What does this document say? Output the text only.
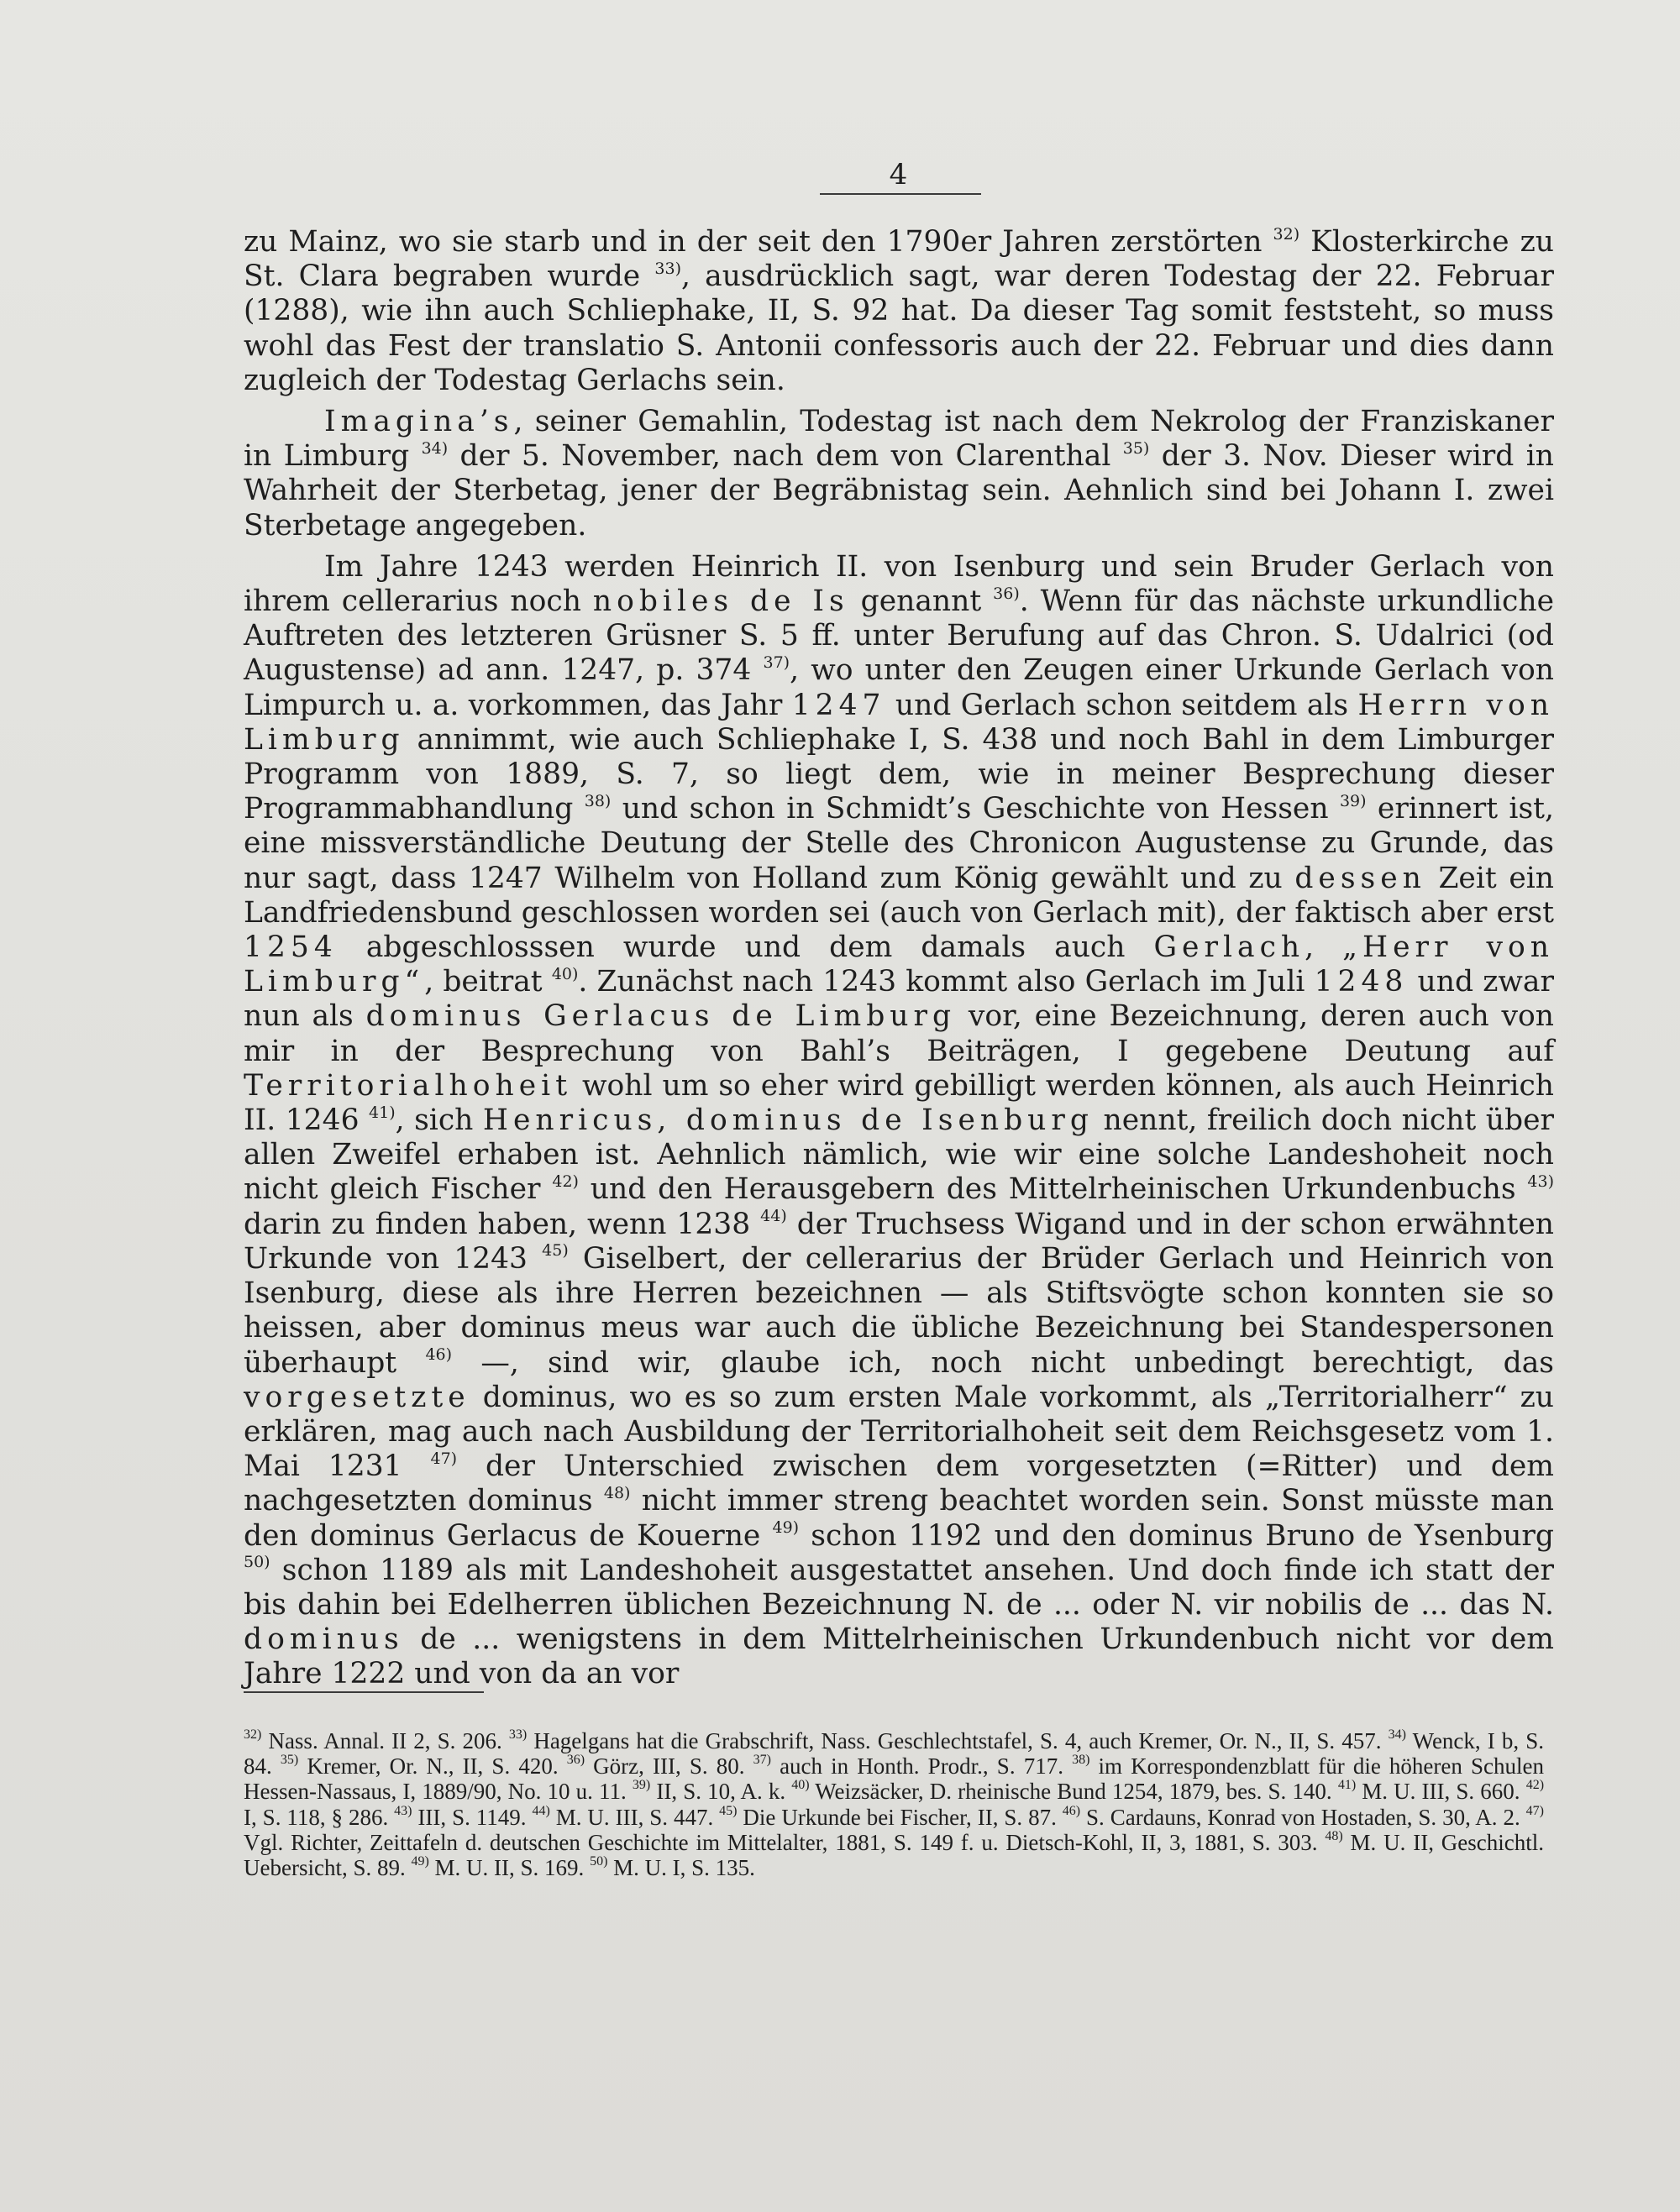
4

zu Mainz, wo sie starb und in der seit den 1790er Jahren zerstörten $^{32)}$ Klosterkirche zu St. Clara begraben wurde $^{33)}$, ausdrücklich sagt, war deren Todestag der 22. Februar (1288), wie ihn auch Schliephake, II, S. 92 hat. Da dieser Tag somit feststeht, so muss wohl das Fest der translatio S. Antonii confessoris auch der 22. Februar und dies dann zugleich der Todestag Gerlachs sein.

Imagina’s, seiner Gemahlin, Todestag ist nach dem Nekrolog der Franziskaner in Limburg $^{34)}$ der 5. November, nach dem von Clarenthal $^{35)}$ der 3. Nov. Dieser wird in Wahrheit der Sterbetag, jener der Begräbnistag sein. Aehnlich sind bei Johann I. zwei Sterbetage angegeben.

Im Jahre 1243 werden Heinrich II. von Isenburg und sein Bruder Gerlach von ihrem cellerarius noch nobiles de Is genannt $^{36)}$. Wenn für das nächste urkundliche Auftreten des letzteren Grüsner S. 5 ff. unter Berufung auf das Chron. S. Udalrici (od Augustense) ad ann. 1247, p. 374 $^{37)}$, wo unter den Zeugen einer Urkunde Gerlach von Limpurch u. a. vorkommen, das Jahr 1247 und Gerlach schon seitdem als Herrn von Limburg annimmt, wie auch Schliephake I, S. 438 und noch Bahl in dem Limburger Programm von 1889, S. 7, so liegt dem, wie in meiner Besprechung dieser Programmabhandlung $^{38)}$ und schon in Schmidt’s Geschichte von Hessen $^{39)}$ erinnert ist, eine missverständliche Deutung der Stelle des Chronicon Augustense zu Grunde, das nur sagt, dass 1247 Wilhelm von Holland zum König gewählt und zu dessen Zeit ein Landfriedensbund geschlossen worden sei (auch von Gerlach mit), der faktisch aber erst 1254 abgeschlosssen wurde und dem damals auch Gerlach, „Herr von Limburg“, beitrat $^{40)}$. Zunächst nach 1243 kommt also Gerlach im Juli 1248 und zwar nun als dominus Gerlacus de Limburg vor, eine Bezeichnung, deren auch von mir in der Besprechung von Bahl’s Beiträgen, I gegebene Deutung auf Territorialhoheit wohl um so eher wird gebilligt werden können, als auch Heinrich II. 1246 $^{41)}$, sich Henricus, dominus de Isenburg nennt, freilich doch nicht über allen Zweifel erhaben ist. Aehnlich nämlich, wie wir eine solche Landeshoheit noch nicht gleich Fischer $^{42)}$ und den Herausgebern des Mittelrheinischen Urkundenbuchs $^{43)}$ darin zu finden haben, wenn 1238 $^{44)}$ der Truchsess Wigand und in der schon erwähnten Urkunde von 1243 $^{45)}$ Giselbert, der cellerarius der Brüder Gerlach und Heinrich von Isenburg, diese als ihre Herren bezeichnen — als Stiftsvögte schon konnten sie so heissen, aber dominus meus war auch die übliche Bezeichnung bei Standespersonen überhaupt $^{46)}$ —, sind wir, glaube ich, noch nicht unbedingt berechtigt, das vorgesetzte dominus, wo es so zum ersten Male vorkommt, als „Territorialherr“ zu erklären, mag auch nach Ausbildung der Territorialhoheit seit dem Reichsgesetz vom 1. Mai 1231 $^{47)}$ der Unterschied zwischen dem vorgesetzten (=Ritter) und dem nachgesetzten dominus $^{48)}$ nicht immer streng beachtet worden sein. Sonst müsste man den dominus Gerlacus de Kouerne $^{49)}$ schon 1192 und den dominus Bruno de Ysenburg $^{50)}$ schon 1189 als mit Landeshoheit ausgestattet ansehen. Und doch finde ich statt der bis dahin bei Edelherren üblichen Bezeichnung N. de ... oder N. vir nobilis de ... das N. dominus de ... wenigstens in dem Mittelrheinischen Urkundenbuch nicht vor dem Jahre 1222 und von da an vor

$^{32)}$ Nass. Annal. II 2, S. 206. $^{33)}$ Hagelgans hat die Grabschrift, Nass. Geschlechtstafel, S. 4, auch Kremer, Or. N., II, S. 457. $^{34)}$ Wenck, I b, S. 84. $^{35)}$ Kremer, Or. N., II, S. 420. $^{36)}$ Görz, III, S. 80. $^{37)}$ auch in Honth. Prodr., S. 717. $^{38)}$ im Korrespondenzblatt für die höheren Schulen Hessen-Nassaus, I, 1889/90, No. 10 u. 11. $^{39)}$ II, S. 10, A. k. $^{40)}$ Weizsäcker, D. rheinische Bund 1254, 1879, bes. S. 140. $^{41)}$ M. U. III, S. 660. $^{42)}$ I, S. 118, § 286. $^{43)}$ III, S. 1149. $^{44)}$ M. U. III, S. 447. $^{45)}$ Die Urkunde bei Fischer, II, S. 87. $^{46)}$ S. Cardauns, Konrad von Hostaden, S. 30, A. 2. $^{47)}$ Vgl. Richter, Zeittafeln d. deutschen Geschichte im Mittelalter, 1881, S. 149 f. u. Dietsch-Kohl, II, 3, 1881, S. 303. $^{48)}$ M. U. II, Geschichtl. Uebersicht, S. 89. $^{49)}$ M. U. II, S. 169. $^{50)}$ M. U. I, S. 135.
